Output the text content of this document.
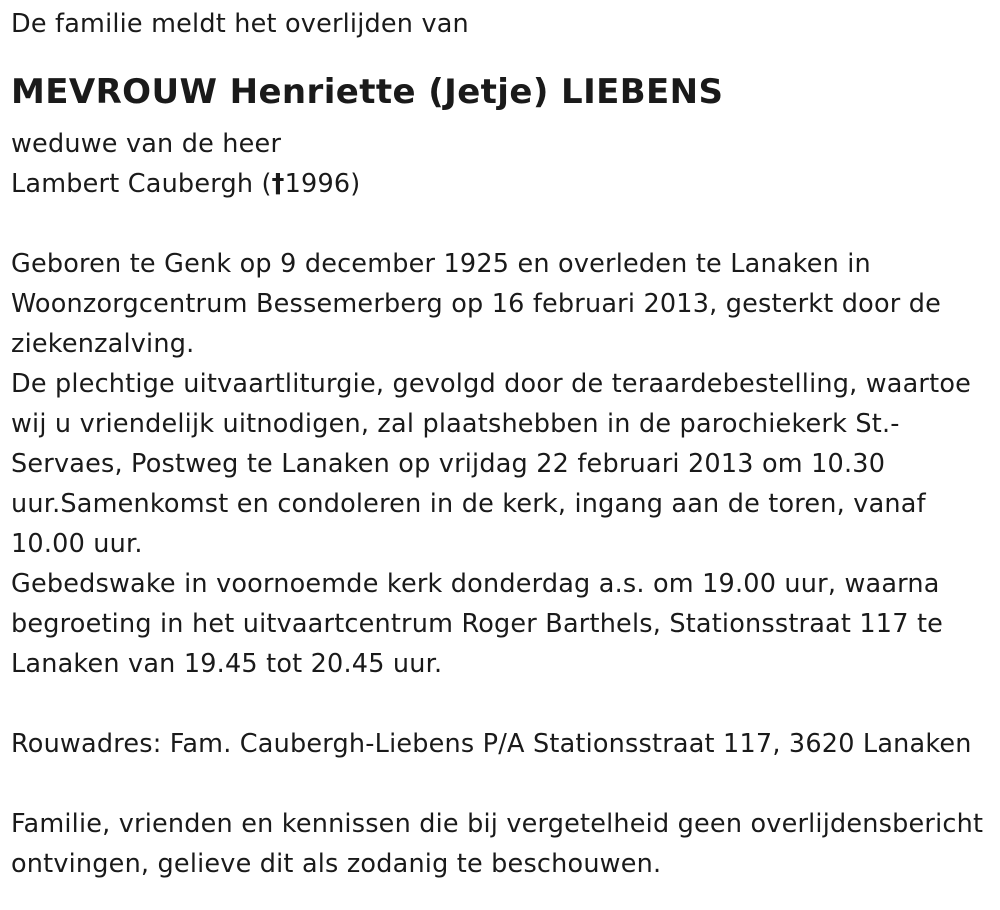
De familie meldt het overlijden van
MEVROUW Henriette (Jetje) LIEBENS
weduwe van de heer
Lambert Caubergh (†1996)
Geboren te Genk op 9 december 1925 en overleden te Lanaken in Woonzorgcentrum Bessemerberg op 16 februari 2013, gesterkt door de ziekenzalving.
De plechtige uitvaartliturgie, gevolgd door de teraardebestelling, waartoe wij u vriendelijk uitnodigen, zal plaatshebben in de parochiekerk St.-Servaes, Postweg te Lanaken op vrijdag 22 februari 2013 om 10.30 uur.Samenkomst en condoleren in de kerk, ingang aan de toren, vanaf 10.00 uur.
Gebedswake in voornoemde kerk donderdag a.s. om 19.00 uur, waarna begroeting in het uitvaartcentrum Roger Barthels, Stationsstraat 117 te Lanaken van 19.45 tot 20.45 uur.
Rouwadres: Fam. Caubergh-Liebens P/A Stationsstraat 117, 3620 Lanaken
Familie, vrienden en kennissen die bij vergetelheid geen overlijdensbericht ontvingen, gelieve dit als zodanig te beschouwen.
